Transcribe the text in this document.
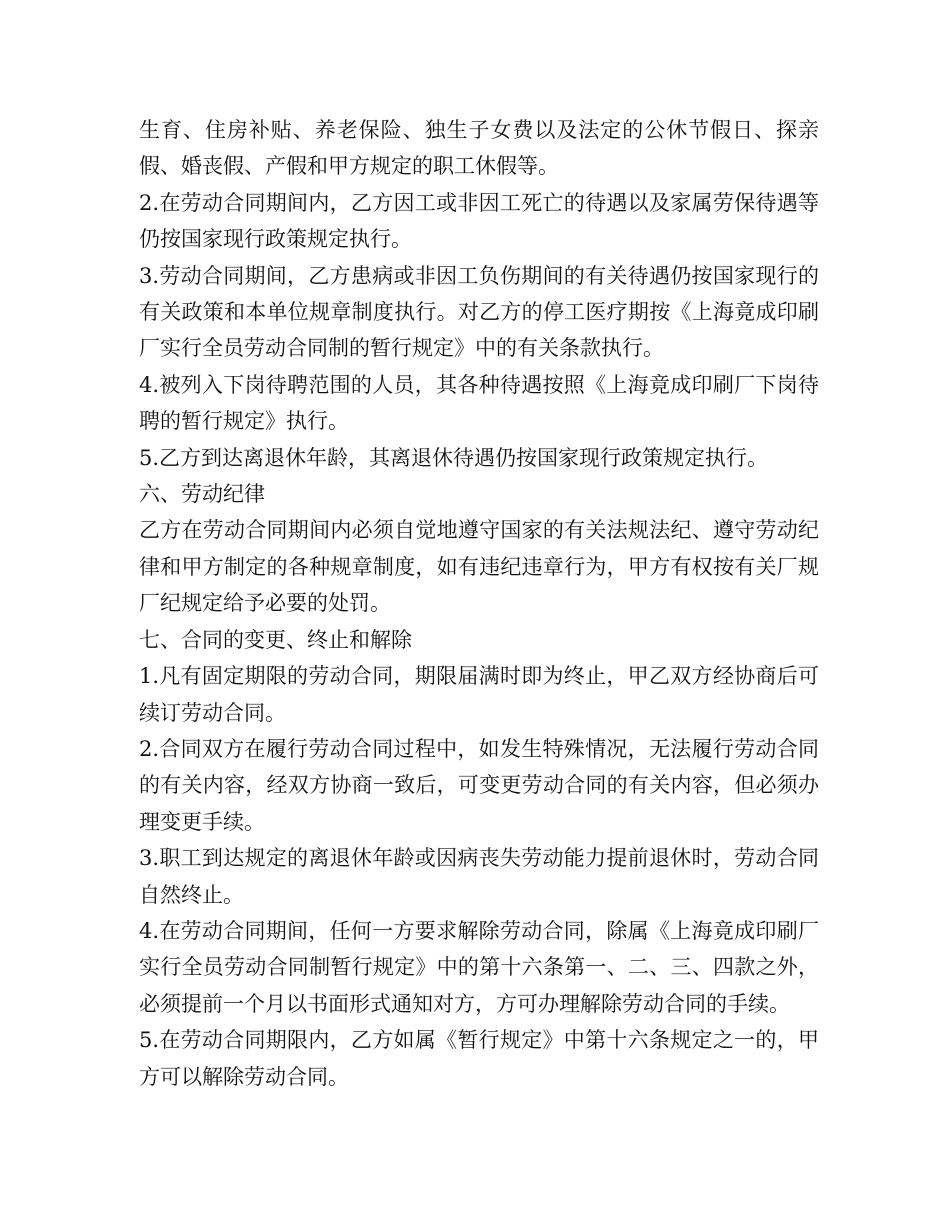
生育、住房补贴、养老保险、独生子女费以及法定的公休节假日、探亲假、婚丧假、产假和甲方规定的职工休假等。

2.在劳动合同期间内，乙方因工或非因工死亡的待遇以及家属劳保待遇等仍按国家现行政策规定执行。

3.劳动合同期间，乙方患病或非因工负伤期间的有关待遇仍按国家现行的有关政策和本单位规章制度执行。对乙方的停工医疗期按《上海竟成印刷厂实行全员劳动合同制的暂行规定》中的有关条款执行。

4.被列入下岗待聘范围的人员，其各种待遇按照《上海竟成印刷厂下岗待聘的暂行规定》执行。

5.乙方到达离退休年龄，其离退休待遇仍按国家现行政策规定执行。

六、劳动纪律

乙方在劳动合同期间内必须自觉地遵守国家的有关法规法纪、遵守劳动纪律和甲方制定的各种规章制度，如有违纪违章行为，甲方有权按有关厂规厂纪规定给予必要的处罚。

七、合同的变更、终止和解除

1.凡有固定期限的劳动合同，期限届满时即为终止，甲乙双方经协商后可续订劳动合同。

2.合同双方在履行劳动合同过程中，如发生特殊情况，无法履行劳动合同的有关内容，经双方协商一致后，可变更劳动合同的有关内容，但必须办理变更手续。

3.职工到达规定的离退休年龄或因病丧失劳动能力提前退休时，劳动合同自然终止。

4.在劳动合同期间，任何一方要求解除劳动合同，除属《上海竟成印刷厂实行全员劳动合同制暂行规定》中的第十六条第一、二、三、四款之外，必须提前一个月以书面形式通知对方，方可办理解除劳动合同的手续。

5.在劳动合同期限内，乙方如属《暂行规定》中第十六条规定之一的，甲方可以解除劳动合同。
